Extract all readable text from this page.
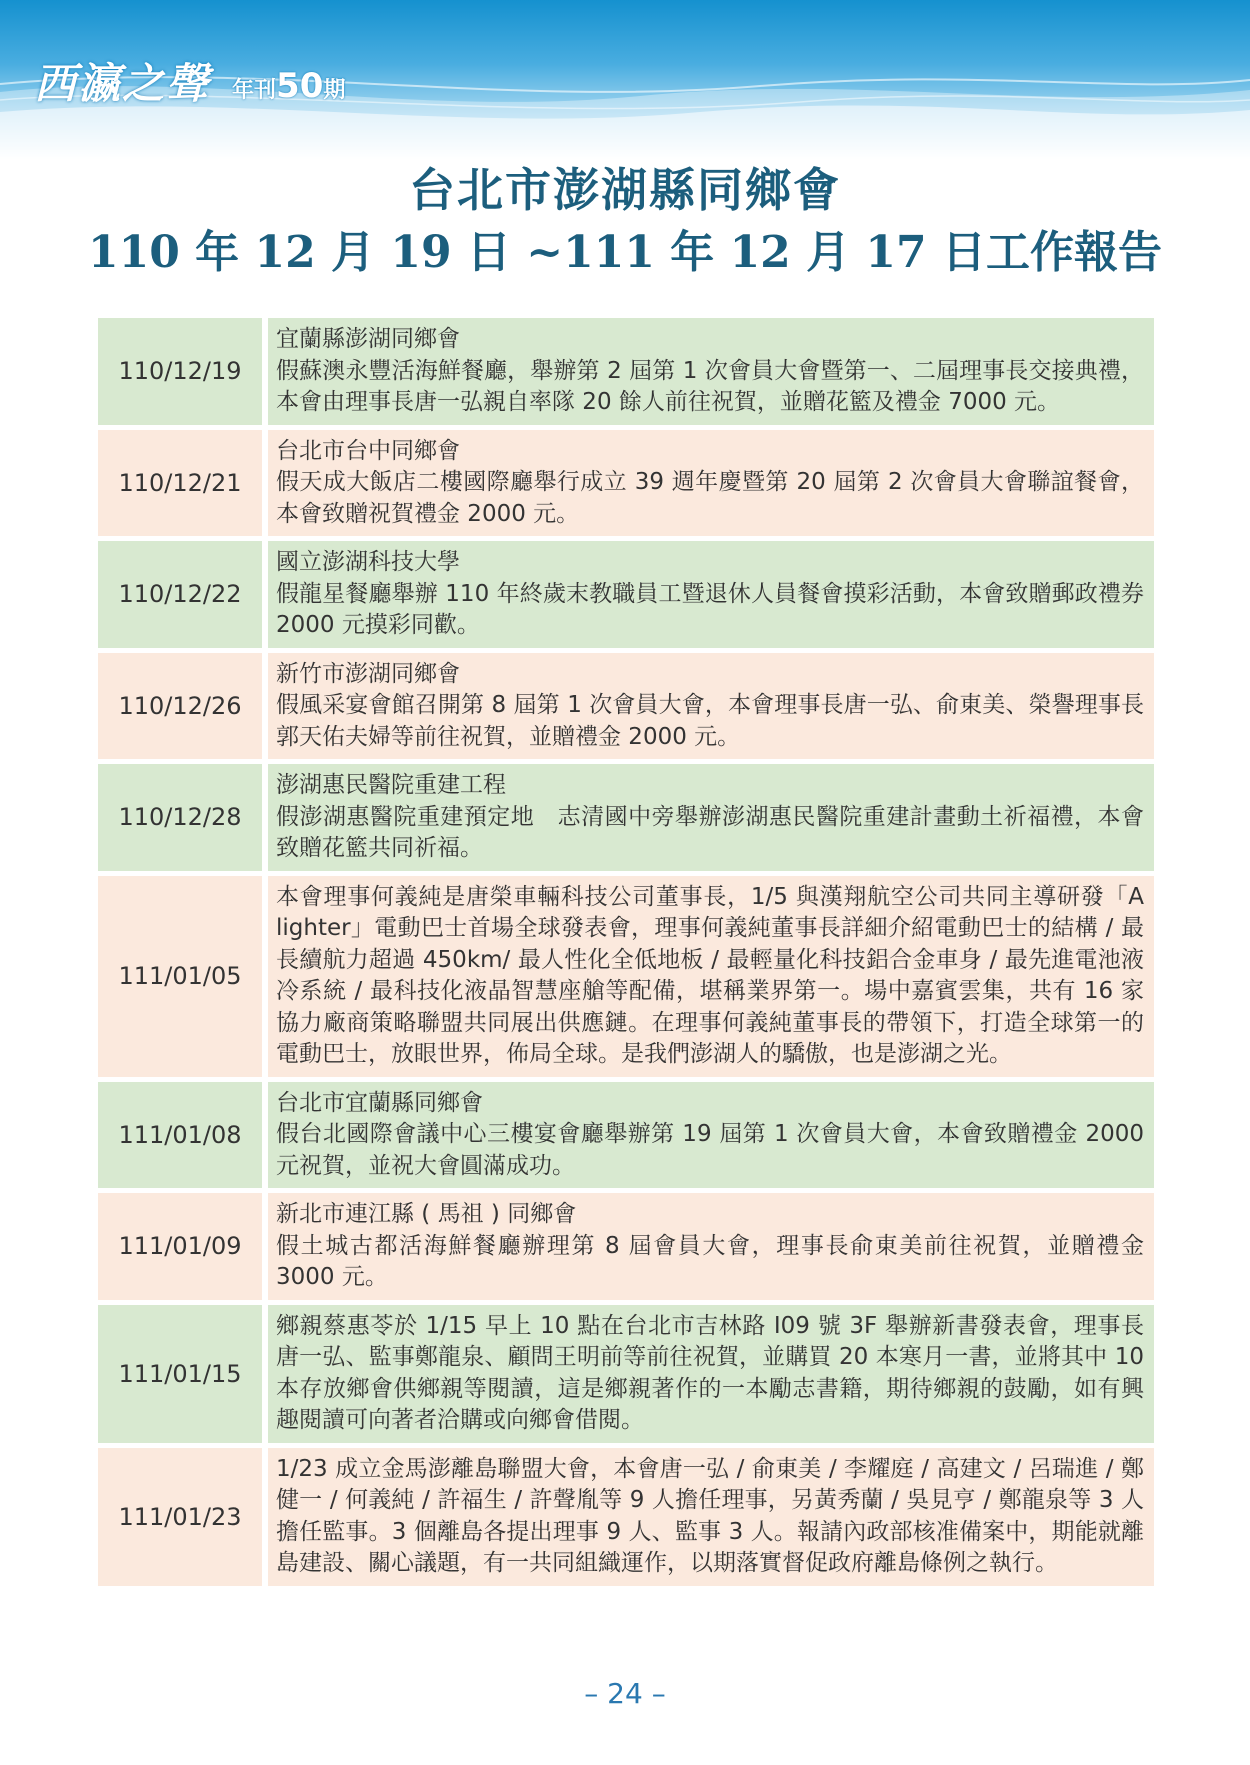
西瀛之聲 年刊50期
台北市澎湖縣同鄉會
110 年 12 月 19 日 ~111 年 12 月 17 日工作報告
110/12/19		宜蘭縣澎湖同鄉會
假蘇澳永豐活海鮮餐廳，舉辦第 2 屆第 1 次會員大會暨第一、二屆理事長交接典禮，本會由理事長唐一弘親自率隊 20 餘人前往祝賀，並贈花籃及禮金 7000 元。

110/12/21		台北市台中同鄉會
假天成大飯店二樓國際廳舉行成立 39 週年慶暨第 20 屆第 2 次會員大會聯誼餐會，本會致贈祝賀禮金 2000 元。

110/12/22		國立澎湖科技大學
假龍星餐廳舉辦 110 年終歲末教職員工暨退休人員餐會摸彩活動，本會致贈郵政禮券 2000 元摸彩同歡。

110/12/26		新竹市澎湖同鄉會
假風采宴會館召開第 8 屆第 1 次會員大會，本會理事長唐一弘、俞東美、榮譽理事長郭天佑夫婦等前往祝賀，並贈禮金 2000 元。

110/12/28		澎湖惠民醫院重建工程
假澎湖惠醫院重建預定地　志清國中旁舉辦澎湖惠民醫院重建計畫動土祈福禮，本會致贈花籃共同祈福。

111/01/05		本會理事何義純是唐榮車輛科技公司董事長，1/5 與漢翔航空公司共同主導研發「A lighter」電動巴士首場全球發表會，理事何義純董事長詳細介紹電動巴士的結構 / 最長續航力超過 450km/ 最人性化全低地板 / 最輕量化科技鋁合金車身 / 最先進電池液冷系統 / 最科技化液晶智慧座艙等配備，堪稱業界第一。場中嘉賓雲集，共有 16 家協力廠商策略聯盟共同展出供應鏈。在理事何義純董事長的帶領下，打造全球第一的電動巴士，放眼世界，佈局全球。是我們澎湖人的驕傲，也是澎湖之光。

111/01/08		台北市宜蘭縣同鄉會
假台北國際會議中心三樓宴會廳舉辦第 19 屆第 1 次會員大會，本會致贈禮金 2000 元祝賀，並祝大會圓滿成功。

111/01/09		新北市連江縣 ( 馬祖 ) 同鄉會
假土城古都活海鮮餐廳辦理第 8 屆會員大會，理事長俞東美前往祝賀，並贈禮金 3000 元。

111/01/15		鄉親蔡惠苓於 1/15 早上 10 點在台北市吉林路 I09 號 3F 舉辦新書發表會，理事長唐一弘、監事鄭龍泉、顧問王明前等前往祝賀，並購買 20 本寒月一書，並將其中 10 本存放鄉會供鄉親等閱讀，這是鄉親著作的一本勵志書籍，期待鄉親的鼓勵，如有興趣閱讀可向著者洽購或向鄉會借閱。

111/01/23		1/23 成立金馬澎離島聯盟大會，本會唐一弘 / 俞東美 / 李耀庭 / 高建文 / 呂瑞進 / 鄭健一 / 何義純 / 許福生 / 許聲胤等 9 人擔任理事，另黃秀蘭 / 吳見亨 / 鄭龍泉等 3 人擔任監事。3 個離島各提出理事 9 人、監事 3 人。報請內政部核准備案中，期能就離島建設、關心議題，有一共同組織運作，以期落實督促政府離島條例之執行。
– 24 –
